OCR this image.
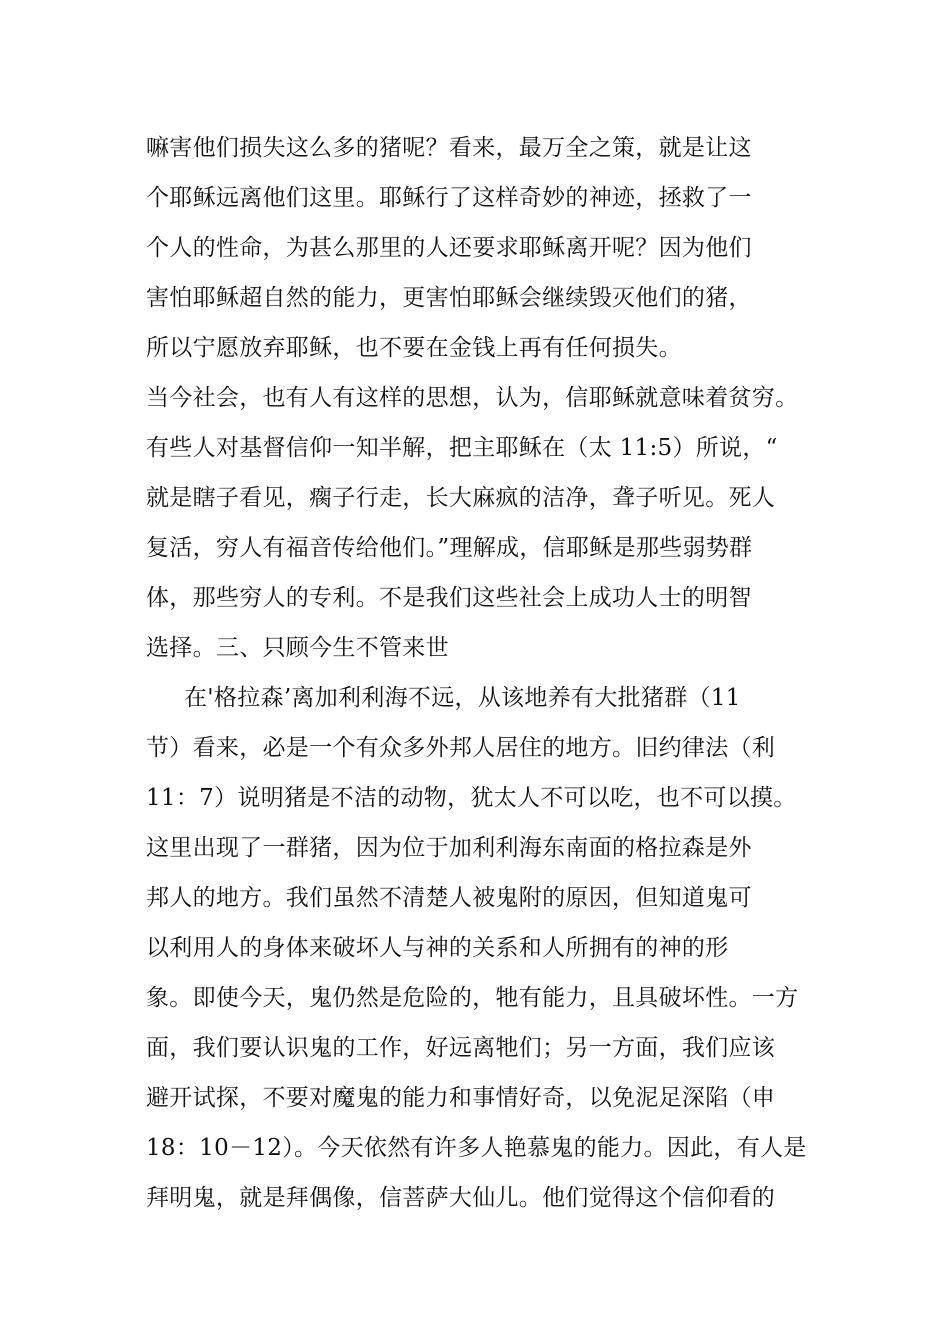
嘛害他们损失这么多的猪呢？看来，最万全之策，就是让这
个耶稣远离他们这里。耶稣行了这样奇妙的神迹，拯救了一
个人的性命，为甚么那里的人还要求耶稣离开呢？因为他们
害怕耶稣超自然的能力，更害怕耶稣会继续毁灭他们的猪，
所以宁愿放弃耶稣，也不要在金钱上再有任何损失。
当今社会，也有人有这样的思想，认为，信耶稣就意味着贫穷。
有些人对基督信仰一知半解，把主耶稣在（太 11:5）所说，“
就是瞎子看见，瘸子行走，长大麻疯的洁净，聋子听见。死人
复活，穷人有福音传给他们。”理解成，信耶稣是那些弱势群
体，那些穷人的专利。不是我们这些社会上成功人士的明智
选择。三、只顾今生不管来世
在'格拉森’离加利利海不远，从该地养有大批猪群（11
节）看来，必是一个有众多外邦人居住的地方。旧约律法（利
11：7）说明猪是不洁的动物，犹太人不可以吃，也不可以摸。
这里出现了一群猪，因为位于加利利海东南面的格拉森是外
邦人的地方。我们虽然不清楚人被鬼附的原因，但知道鬼可
以利用人的身体来破坏人与神的关系和人所拥有的神的形
象。即使今天，鬼仍然是危险的，牠有能力，且具破坏性。一方
面，我们要认识鬼的工作，好远离牠们；另一方面，我们应该
避开试探，不要对魔鬼的能力和事情好奇，以免泥足深陷（申
18：10－12）。今天依然有许多人艳慕鬼的能力。因此，有人是
拜明鬼，就是拜偶像，信菩萨大仙儿。他们觉得这个信仰看的
